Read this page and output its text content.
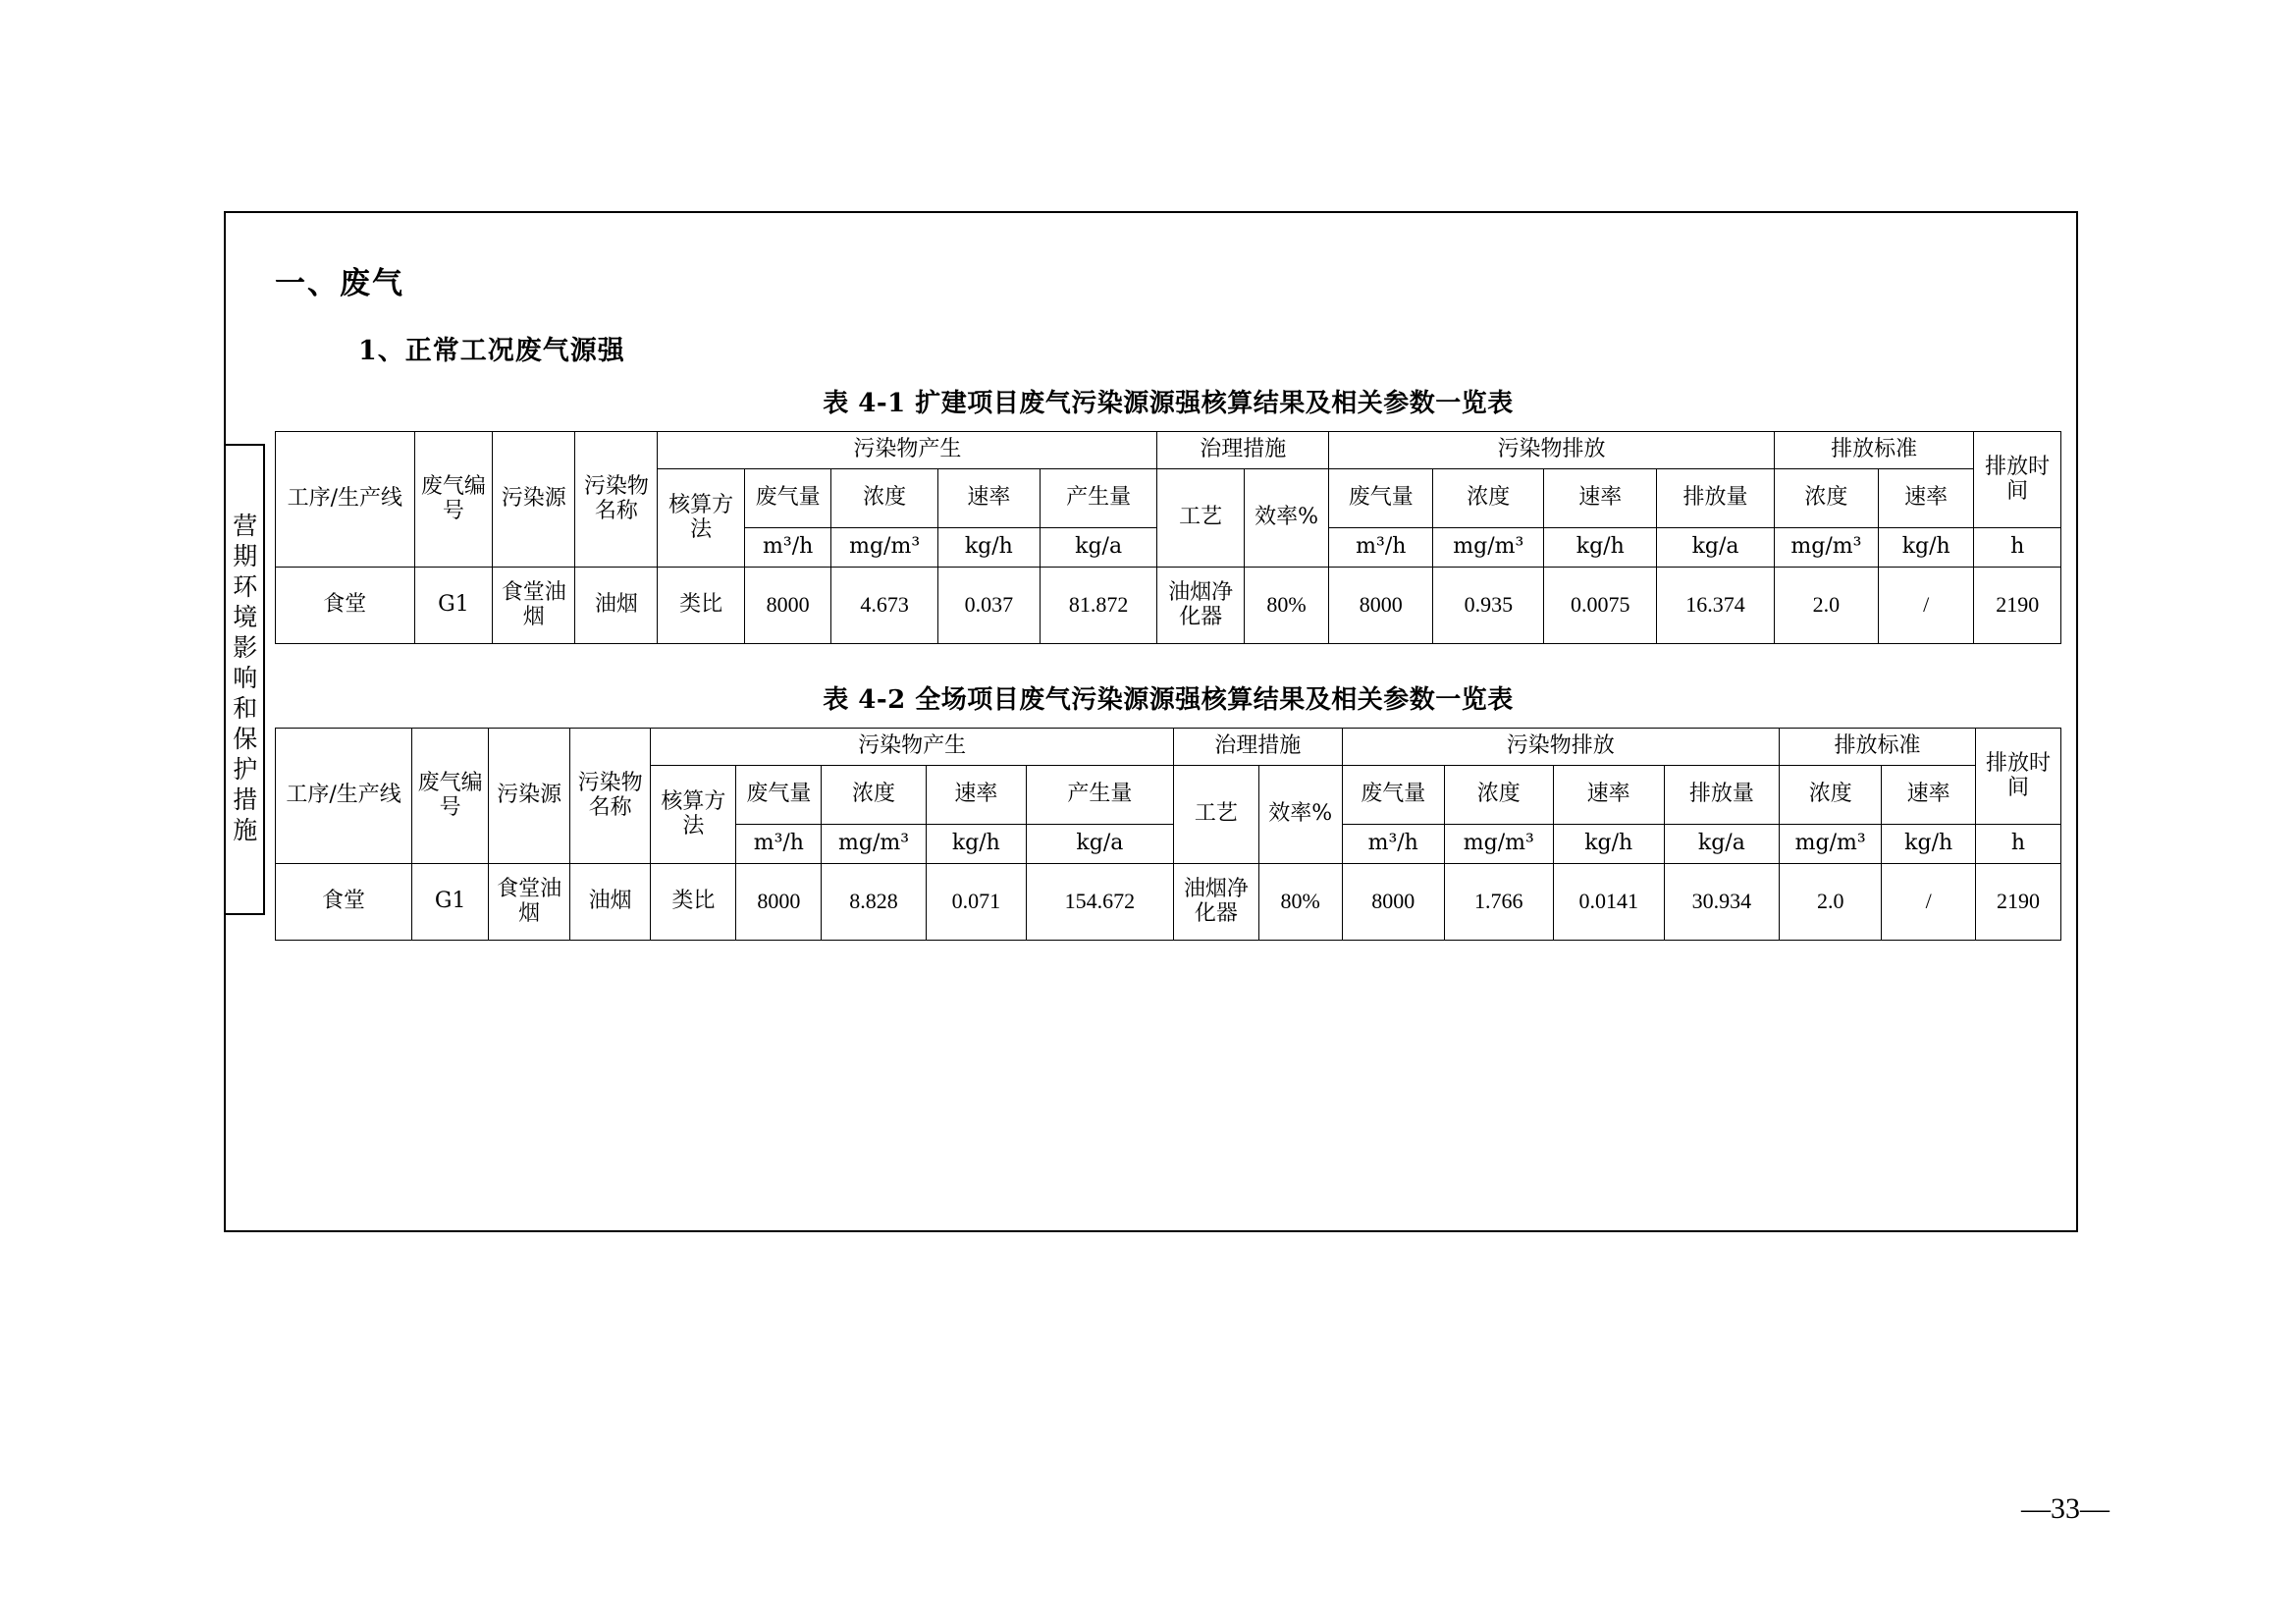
营期环境影响和保护措施
一、废气
1、正常工况废气源强
表 4-1 扩建项目废气污染源源强核算结果及相关参数一览表
工序/生产线	废气编号	污染源	污染物名称	污染物产生					治理措施		污染物排放				排放标准		排放时间
				核算方法	废气量	浓度	速率	产生量	工艺	效率%	废气量	浓度	速率	排放量	浓度	速率	
					m³/h	mg/m³	kg/h	kg/a			m³/h	mg/m³	kg/h	kg/a	mg/m³	kg/h	h
食堂	G1	食堂油烟	油烟	类比	8000	4.673	0.037	81.872	油烟净化器	80%	8000	0.935	0.0075	16.374	2.0	/	2190
表 4-2 全场项目废气污染源源强核算结果及相关参数一览表
工序/生产线	废气编号	污染源	污染物名称	污染物产生					治理措施		污染物排放				排放标准		排放时间
				核算方法	废气量	浓度	速率	产生量	工艺	效率%	废气量	浓度	速率	排放量	浓度	速率	
					m³/h	mg/m³	kg/h	kg/a			m³/h	mg/m³	kg/h	kg/a	mg/m³	kg/h	h
食堂	G1	食堂油烟	油烟	类比	8000	8.828	0.071	154.672	油烟净化器	80%	8000	1.766	0.0141	30.934	2.0	/	2190
—33—
